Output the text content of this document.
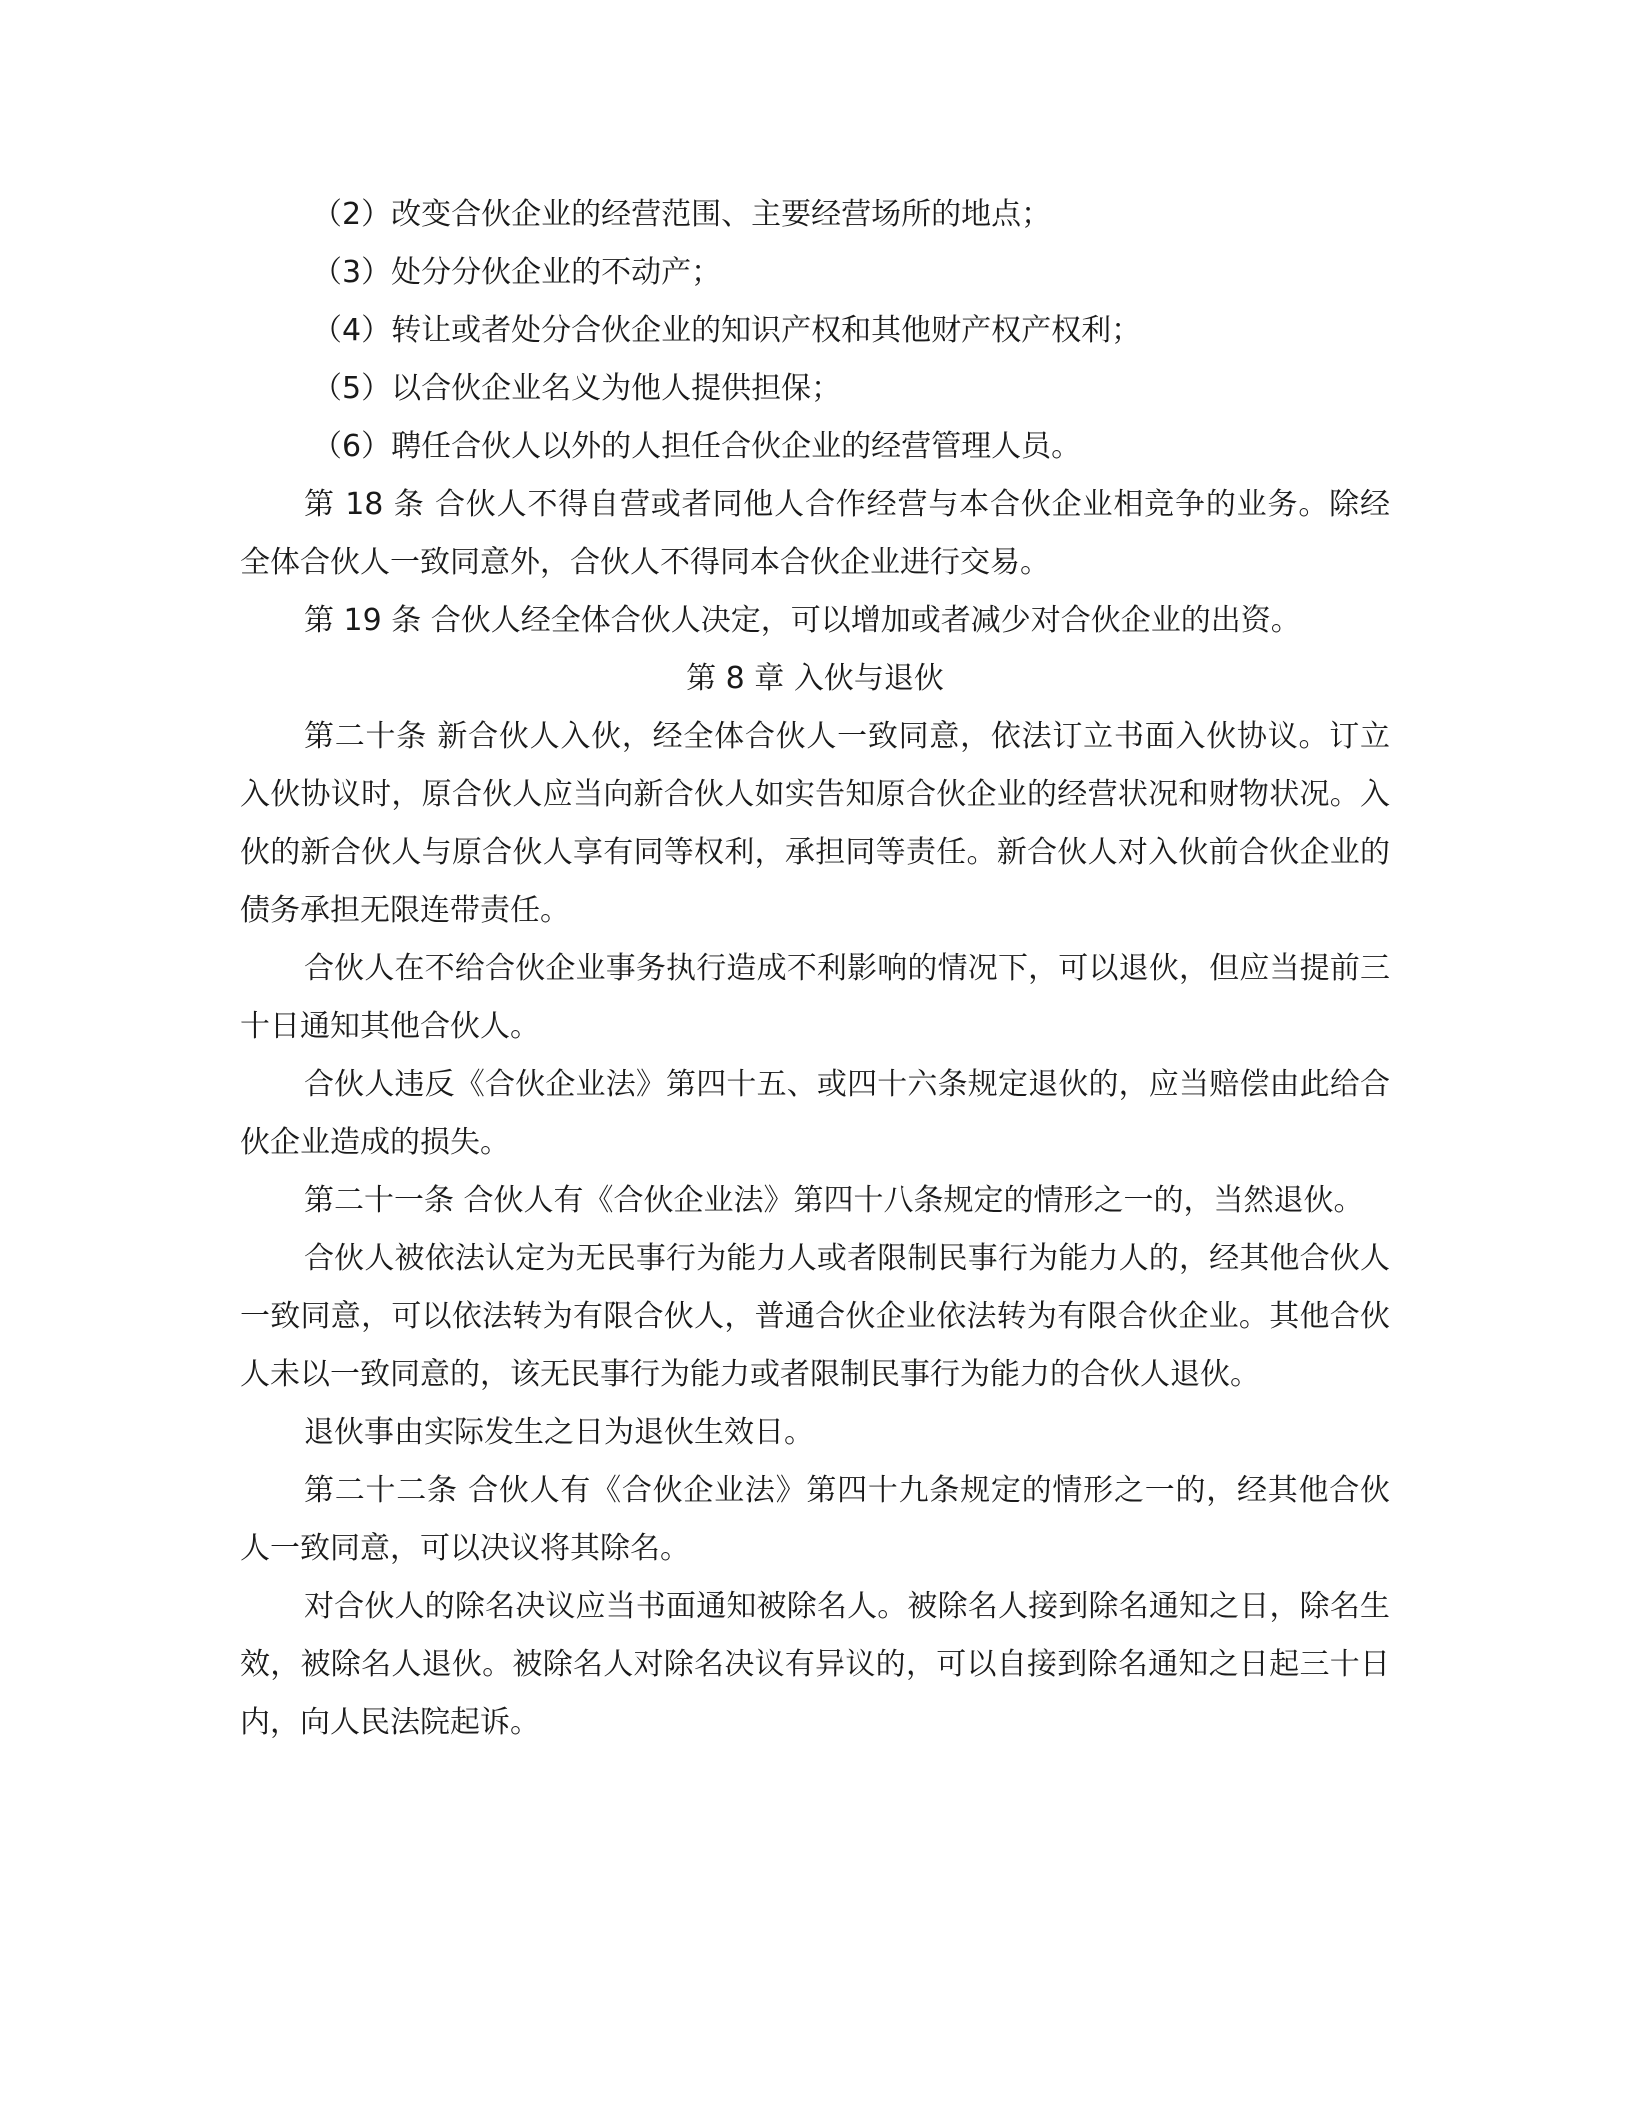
（2）改变合伙企业的经营范围、主要经营场所的地点；

（3）处分分伙企业的不动产；

（4）转让或者处分合伙企业的知识产权和其他财产权产权利；

（5）以合伙企业名义为他人提供担保；

（6）聘任合伙人以外的人担任合伙企业的经营管理人员。

第 18 条 合伙人不得自营或者同他人合作经营与本合伙企业相竞争的业务。除经全体合伙人一致同意外，合伙人不得同本合伙企业进行交易。

第 19 条 合伙人经全体合伙人决定，可以增加或者减少对合伙企业的出资。

第 8 章 入伙与退伙

第二十条 新合伙人入伙，经全体合伙人一致同意，依法订立书面入伙协议。订立入伙协议时，原合伙人应当向新合伙人如实告知原合伙企业的经营状况和财物状况。入伙的新合伙人与原合伙人享有同等权利，承担同等责任。新合伙人对入伙前合伙企业的债务承担无限连带责任。

合伙人在不给合伙企业事务执行造成不利影响的情况下，可以退伙，但应当提前三十日通知其他合伙人。

合伙人违反《合伙企业法》第四十五、或四十六条规定退伙的，应当赔偿由此给合伙企业造成的损失。

第二十一条 合伙人有《合伙企业法》第四十八条规定的情形之一的，当然退伙。

合伙人被依法认定为无民事行为能力人或者限制民事行为能力人的，经其他合伙人一致同意，可以依法转为有限合伙人，普通合伙企业依法转为有限合伙企业。其他合伙人未以一致同意的，该无民事行为能力或者限制民事行为能力的合伙人退伙。

退伙事由实际发生之日为退伙生效日。

第二十二条 合伙人有《合伙企业法》第四十九条规定的情形之一的，经其他合伙人一致同意，可以决议将其除名。

对合伙人的除名决议应当书面通知被除名人。被除名人接到除名通知之日，除名生效，被除名人退伙。被除名人对除名决议有异议的，可以自接到除名通知之日起三十日内，向人民法院起诉。
